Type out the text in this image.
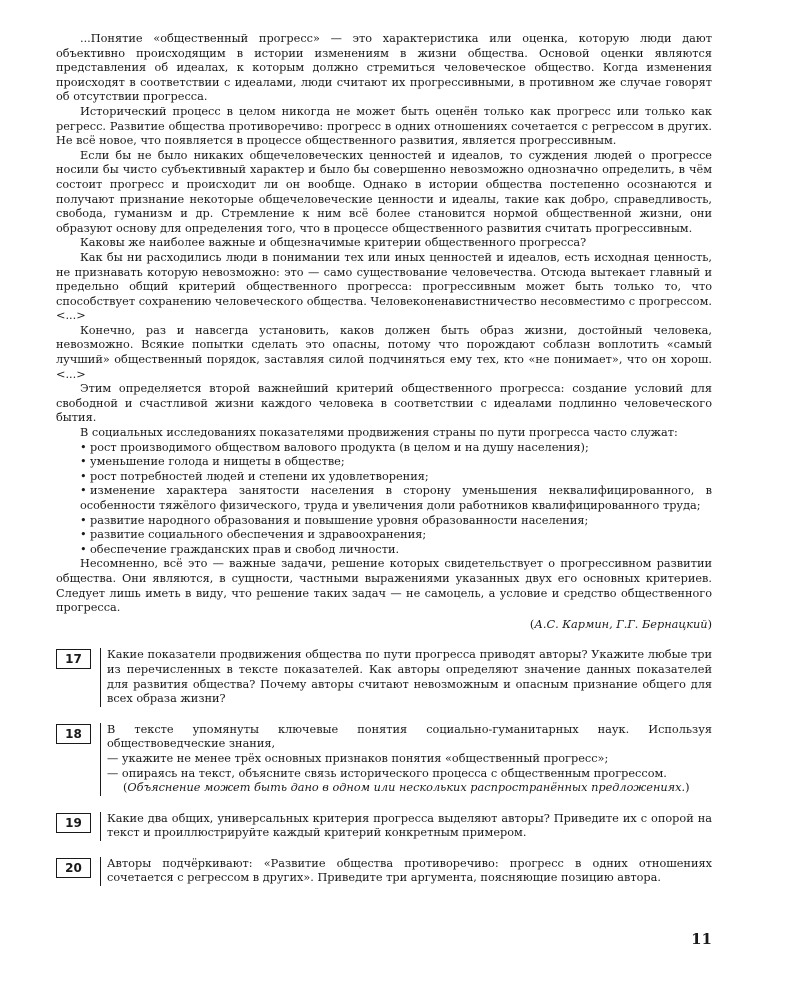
...Понятие «общественный прогресс» — это характеристика или оценка, которую люди дают объективно происходящим в истории изменениям в жизни общества. Основой оценки являются представления об идеалах, к которым должно стремиться человеческое общество. Когда изменения происходят в соответствии с идеалами, люди считают их прогрессивными, в противном же случае говорят об отсутствии прогресса.

Исторический процесс в целом никогда не может быть оценён только как прогресс или только как регресс. Развитие общества противоречиво: прогресс в одних отношениях сочетается с регрессом в других. Не всё новое, что появляется в процессе общественного развития, является прогрессивным.

Если бы не было никаких общечеловеческих ценностей и идеалов, то суждения людей о прогрессе носили бы чисто субъективный характер и было бы совершенно невозможно однозначно определить, в чём состоит прогресс и происходит ли он вообще. Однако в истории общества постепенно осознаются и получают признание некоторые общечеловеческие ценности и идеалы, такие как добро, справедливость, свобода, гуманизм и др. Стремление к ним всё более становится нормой общественной жизни, они образуют основу для определения того, что в процессе общественного развития считать прогрессивным.

Каковы же наиболее важные и общезначимые критерии общественного прогресса?

Как бы ни расходились люди в понимании тех или иных ценностей и идеалов, есть исходная ценность, не признавать которую невозможно: это — само существование человечества. Отсюда вытекает главный и предельно общий критерий общественного прогресса: прогрессивным может быть только то, что способствует сохранению человеческого общества. Человеконенавистничество несовместимо с прогрессом. <...>

Конечно, раз и навсегда установить, каков должен быть образ жизни, достойный человека, невозможно. Всякие попытки сделать это опасны, потому что порождают соблазн воплотить «самый лучший» общественный порядок, заставляя силой подчиняться ему тех, кто «не понимает», что он хорош. <...>

Этим определяется второй важнейший критерий общественного прогресса: создание условий для свободной и счастливой жизни каждого человека в соответствии с идеалами подлинно человеческого бытия.

В социальных исследованиях показателями продвижения страны по пути прогресса часто служат:

• рост производимого обществом валового продукта (в целом и на душу населения);
• уменьшение голода и нищеты в обществе;
• рост потребностей людей и степени их удовлетворения;
• изменение характера занятости населения в сторону уменьшения неквалифицированного, в особенности тяжёлого физического, труда и увеличения доли работников квалифицированного труда;
• развитие народного образования и повышение уровня образованности населения;
• развитие социального обеспечения и здравоохранения;
• обеспечение гражданских прав и свобод личности.

Несомненно, всё это — важные задачи, решение которых свидетельствует о прогрессивном развитии общества. Они являются, в сущности, частными выражениями указанных двух его основных критериев. Следует лишь иметь в виду, что решение таких задач — не самоцель, а условие и средство общественного прогресса.

(А.С. Кармин, Г.Г. Бернацкий)
17	Какие показатели продвижения общества по пути прогресса приводят авторы? Укажите любые три из перечисленных в тексте показателей. Как авторы определяют значение данных показателей для развития общества? Почему авторы считают невозможным и опасным признание общего для всех образа жизни?

18	В тексте упомянуты ключевые понятия социально-гуманитарных наук. Используя обществоведческие знания,

— укажите не менее трёх основных признаков понятия «общественный прогресс»;

— опираясь на текст, объясните связь исторического процесса с общественным прогрессом.

(Объяснение может быть дано в одном или нескольких распространённых предложениях.)

19	Какие два общих, универсальных критерия прогресса выделяют авторы? Приведите их с опорой на текст и проиллюстрируйте каждый критерий конкретным примером.

20	Авторы подчёркивают: «Развитие общества противоречиво: прогресс в одних отношениях сочетается с регрессом в других». Приведите три аргумента, поясняющие позицию автора.

11
